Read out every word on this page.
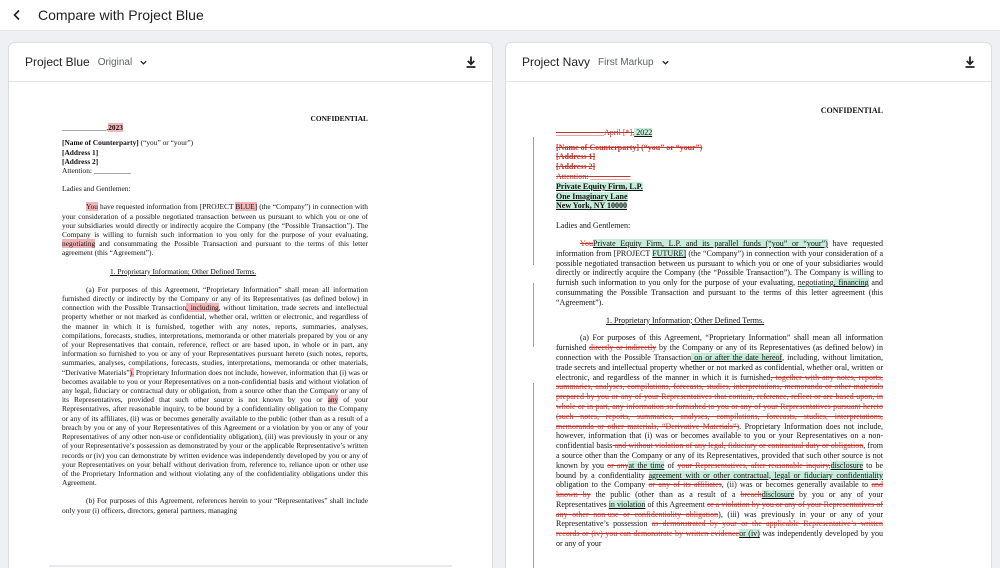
Compare with Project Blue
Project Blue Original

CONFIDENTIAL

____________,2023

[Name of Counterparty] (“you” or “your”)

[Address 1]

[Address 2]

Attention: __________

Ladies and Gentlemen:

You have requested information from [PROJECT BLUE] (the “Company”) in connection with your consideration of a possible negotiated transaction between us pursuant to which you or one of your subsidiaries would directly or indirectly acquire the Company (the “Possible Transaction”). The Company is willing to furnish such information to you only for the purpose of your evaluating, negotiating and consummating the Possible Transaction and pursuant to the terms of this letter agreement (this “Agreement”).

1. Proprietary Information; Other Defined Terms.

(a) For purposes of this Agreement, “Proprietary Information” shall mean all information furnished directly or indirectly by the Company or any of its Representatives (as defined below) in connection with the Possible Transaction, including, without limitation, trade secrets and intellectual property whether or not marked as confidential, whether oral, written or electronic, and regardless of the manner in which it is furnished, together with any notes, reports, summaries, analyses, compilations, forecasts, studies, interpretations, memoranda or other materials prepared by you or any of your Representatives that contain, reference, reflect or are based upon, in whole or in part, any information so furnished to you or any of your Representatives pursuant hereto (such notes, reports, summaries, analyses, compilations, forecasts, studies, interpretations, memoranda or other materials, “Derivative Materials”). Proprietary Information does not include, however, information that (i) was or becomes available to you or your Representatives on a non-confidential basis and without violation of any legal, fiduciary or contractual duty or obligation, from a source other than the Company or any of its Representatives, provided that such other source is not known by you or any of your Representatives, after reasonable inquiry, to be bound by a confidentiality obligation to the Company or any of its affiliates, (ii) was or becomes generally available to the public (other than as a result of a breach by you or any of your Representatives of this Agreement or a violation by you or any of your Representatives of any other non-use or confidentiality obligation), (iii) was previously in your or any of your Representative’s possession as demonstrated by your or the applicable Representative’s written records or (iv) you can demonstrate by written evidence was independently developed by you or any of your Representatives on your behalf without derivation from, reference to, reliance upon or other use of the Proprietary Information and without violating any of the confidentiality obligations under this Agreement.

(b) For purposes of this Agreement, references herein to your “Representatives” shall include only your (i) officers, directors, general partners, managing

Project Navy First Markup

CONFIDENTIAL

____________April [*], 2022

[Name of Counterparty] (“you” or “your”)

[Address 1]

[Address 2]

Attention: __________

Private Equity Firm, L.P.

One Imaginary Lane

New York, NY 10000

Ladies and Gentlemen:

YouPrivate Equity Firm, L.P. and its parallel funds (“you” or “your”) have requested information from [PROJECT FUTURE] (the “Company”) in connection with your consideration of a possible negotiated transaction between us pursuant to which you or one of your subsidiaries would directly or indirectly acquire the Company (the “Possible Transaction”). The Company is willing to furnish such information to you only for the purpose of your evaluating, negotiating, financing and consummating the Possible Transaction and pursuant to the terms of this letter agreement (this “Agreement”).

1. Proprietary Information; Other Defined Terms.

(a) For purposes of this Agreement, “Proprietary Information” shall mean all information furnished directly or indirectly by the Company or any of its Representatives (as defined below) in connection with the Possible Transaction on or after the date hereof, including, without limitation, trade secrets and intellectual property whether or not marked as confidential, whether oral, written or electronic, and regardless of the manner in which it is furnished, together with any notes, reports, summaries, analyses, compilations, forecasts, studies, interpretations, memoranda or other materials prepared by you or any of your Representatives that contain, reference, reflect or are based upon, in whole or in part, any information so furnished to you or any of your Representatives pursuant hereto (such notes, reports, summaries, analyses, compilations, forecasts, studies, interpretations, memoranda or other materials, “Derivative Materials”). Proprietary Information does not include, however, information that (i) was or becomes available to you or your Representatives on a non-confidential basis and without violation of any legal, fiduciary or contractual duty or obligation, from a source other than the Company or any of its Representatives, provided that such other source is not known by you or anyat the time of your Representatives, after reasonable inquiry,disclosure to be bound by a confidentiality agreement with or other contractual, legal or fiduciary confidentiality obligation to the Company or any of its affiliates, (ii) was or becomes generally available to and known by the public (other than as a result of a breachdisclosure by you or any of your Representatives in violation of this Agreement or a violation by you or any of your Representatives of any other non-use or confidentiality obligation), (iii) was previously in your or any of your Representative’s possession as demonstrated by your or the applicable Representative’s written records or (iv) you can demonstrate by written evidenceor (iv) was independently developed by you or any of your
